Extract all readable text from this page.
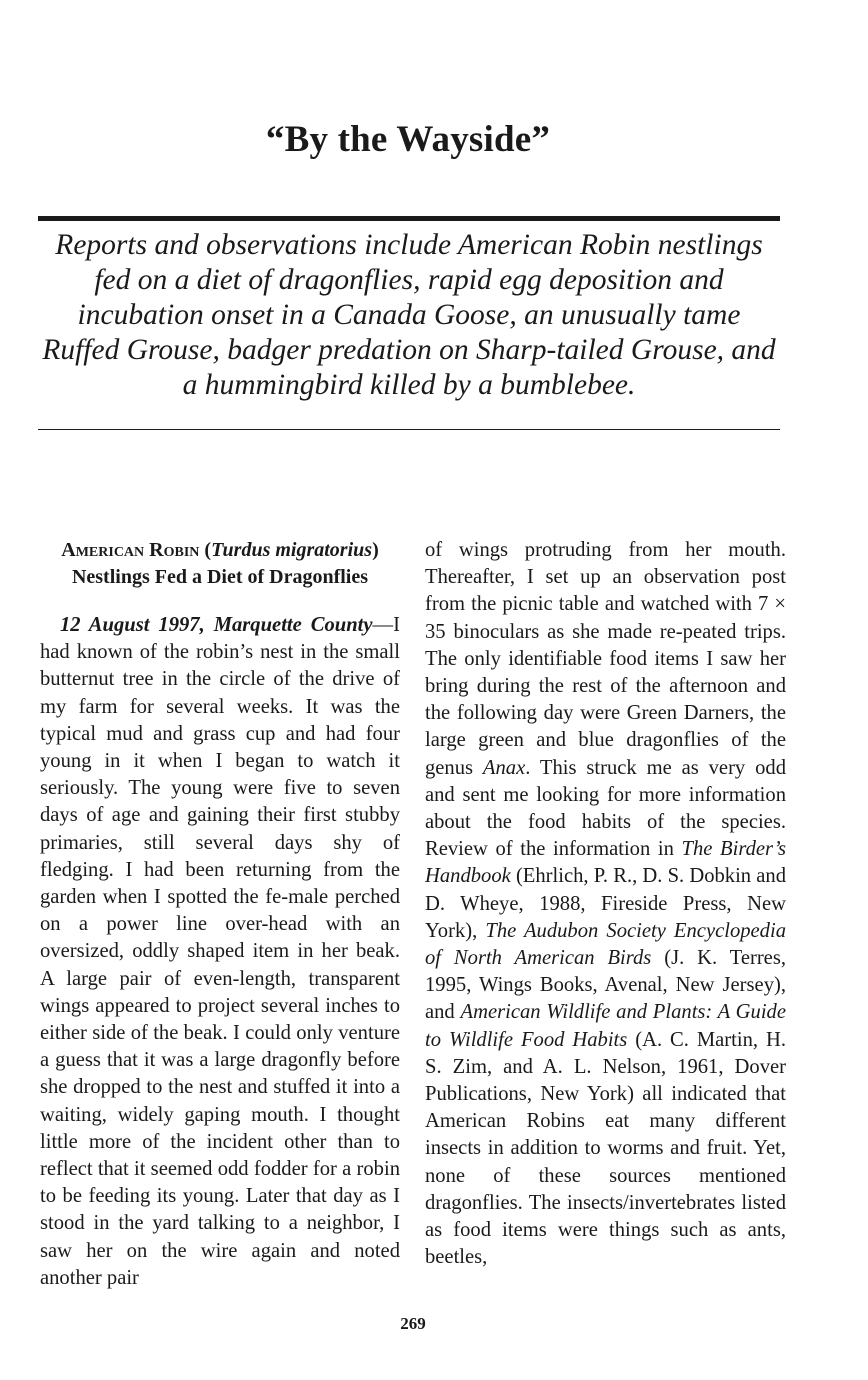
“By the Wayside”
Reports and observations include American Robin nestlings fed on a diet of dragonflies, rapid egg deposition and incubation onset in a Canada Goose, an unusually tame Ruffed Grouse, badger predation on Sharp-tailed Grouse, and a hummingbird killed by a bumblebee.
American Robin (Turdus migratorius)
Nestlings Fed a Diet of Dragonflies

12 August 1997, Marquette County—I had known of the robin’s nest in the small butternut tree in the circle of the drive of my farm for several weeks. It was the typical mud and grass cup and had four young in it when I began to watch it seriously. The young were five to seven days of age and gaining their first stubby primaries, still several days shy of fledging. I had been returning from the garden when I spotted the fe-male perched on a power line over-head with an oversized, oddly shaped item in her beak. A large pair of even-length, transparent wings appeared to project several inches to either side of the beak. I could only venture a guess that it was a large dragonfly before she dropped to the nest and stuffed it into a waiting, widely gaping mouth. I thought little more of the incident other than to reflect that it seemed odd fodder for a robin to be feeding its young. Later that day as I stood in the yard talking to a neighbor, I saw her on the wire again and noted another pair

of wings protruding from her mouth. Thereafter, I set up an observation post from the picnic table and watched with 7 × 35 binoculars as she made re-peated trips. The only identifiable food items I saw her bring during the rest of the afternoon and the following day were Green Darners, the large green and blue dragonflies of the genus Anax. This struck me as very odd and sent me looking for more information about the food habits of the species. Review of the information in The Birder’s Handbook (Ehrlich, P. R., D. S. Dobkin and D. Wheye, 1988, Fireside Press, New York), The Audubon Society Encyclopedia of North American Birds (J. K. Terres, 1995, Wings Books, Avenal, New Jersey), and American Wildlife and Plants: A Guide to Wildlife Food Habits (A. C. Martin, H. S. Zim, and A. L. Nelson, 1961, Dover Publications, New York) all indicated that American Robins eat many different insects in addition to worms and fruit. Yet, none of these sources mentioned dragonflies. The insects/invertebrates listed as food items were things such as ants, beetles,

269
